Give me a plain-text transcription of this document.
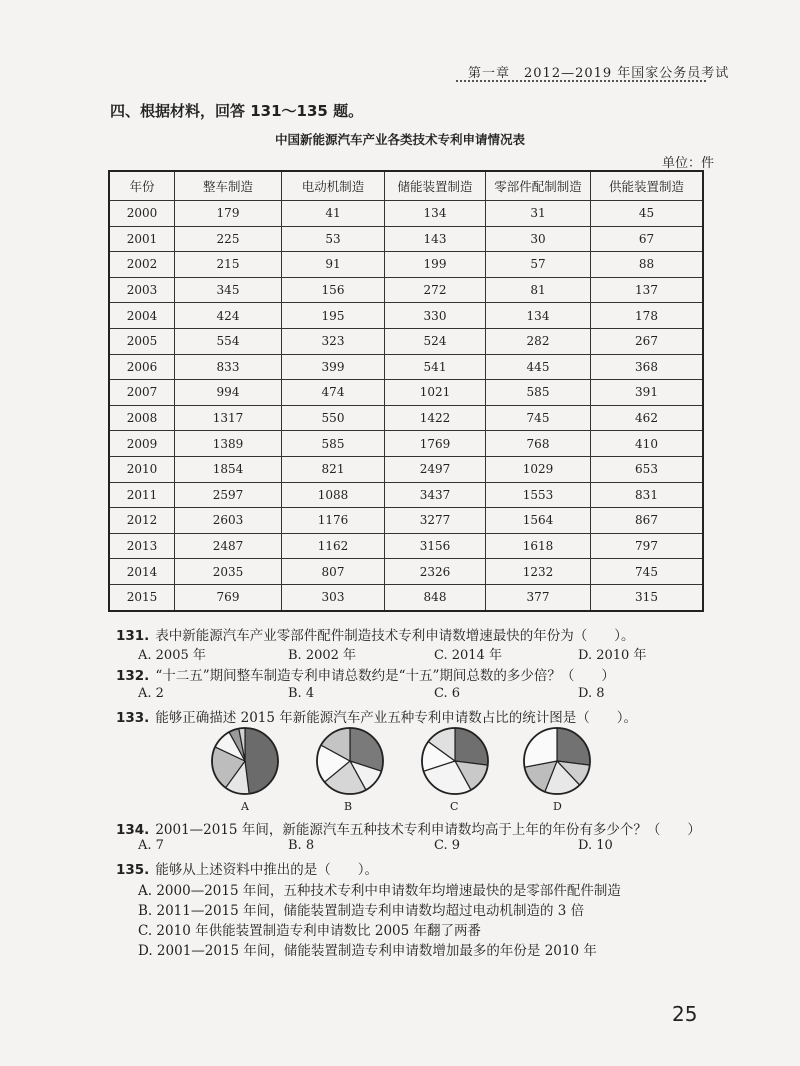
第一章　2012—2019 年国家公务员考试
四、根据材料，回答 131～135 题。
中国新能源汽车产业各类技术专利申请情况表
单位：件
年份	整车制造	电动机制造	储能装置制造	零部件配制制造	供能装置制造
2000	179	41	134	31	45
2001	225	53	143	30	67
2002	215	91	199	57	88
2003	345	156	272	81	137
2004	424	195	330	134	178
2005	554	323	524	282	267
2006	833	399	541	445	368
2007	994	474	1021	585	391
2008	1317	550	1422	745	462
2009	1389	585	1769	768	410
2010	1854	821	2497	1029	653
2011	2597	1088	3437	1553	831
2012	2603	1176	3277	1564	867
2013	2487	1162	3156	1618	797
2014	2035	807	2326	1232	745
2015	769	303	848	377	315
131. 表中新能源汽车产业零部件配件制造技术专利申请数增速最快的年份为（　　）。
A. 2005 年	B. 2002 年	C. 2014 年	D. 2010 年
132. “十二五”期间整车制造专利申请总数约是“十五”期间总数的多少倍？（　　）
A. 2	B. 4	C. 6	D. 8
133. 能够正确描述 2015 年新能源汽车产业五种专利申请数占比的统计图是（　　）。
A	B	C	D
134. 2001—2015 年间，新能源汽车五种技术专利申请数均高于上年的年份有多少个？（　　）
A. 7	B. 8	C. 9	D. 10
135. 能够从上述资料中推出的是（　　）。
A. 2000—2015 年间，五种技术专利中申请数年均增速最快的是零部件配件制造
B. 2011—2015 年间，储能装置制造专利申请数均超过电动机制造的 3 倍
C. 2010 年供能装置制造专利申请数比 2005 年翻了两番
D. 2001—2015 年间，储能装置制造专利申请数增加最多的年份是 2010 年
25
